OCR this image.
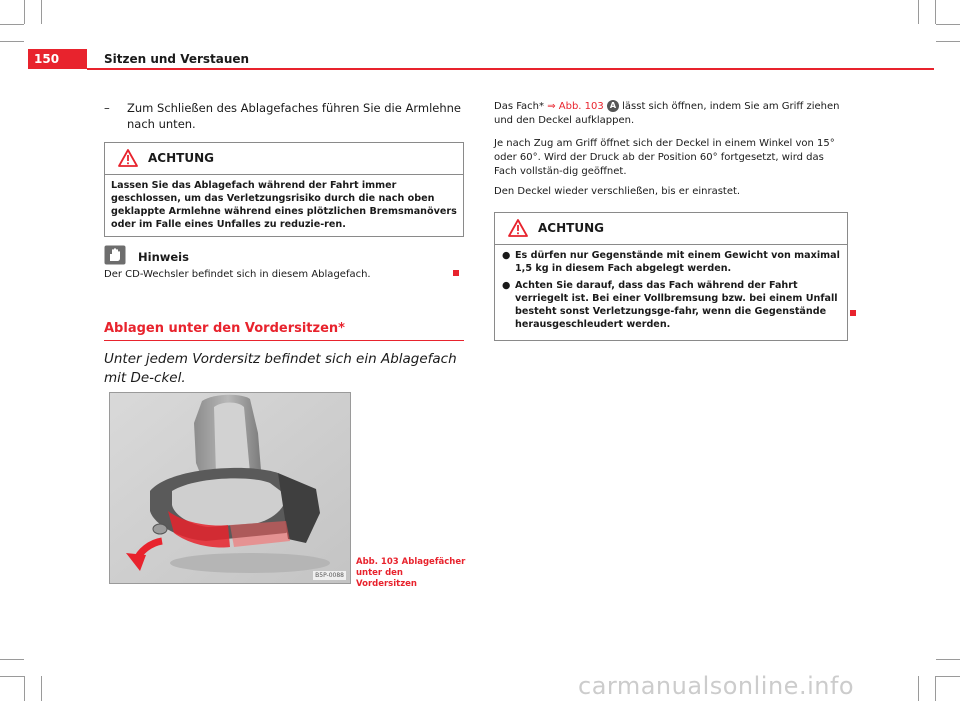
150	Sitzen und Verstauen
– Zum Schließen des Ablagefaches führen Sie die Armlehne nach unten.
ACHTUNG
Lassen Sie das Ablagefach während der Fahrt immer geschlossen, um das Verletzungsrisiko durch die nach oben geklappte Armlehne während eines plötzlichen Bremsmanövers oder im Falle eines Unfalles zu reduzie-ren.
Hinweis
Der CD-Wechsler befindet sich in diesem Ablagefach.
Ablagen unter den Vordersitzen*
Unter jedem Vordersitz befindet sich ein Ablagefach mit De-ckel.
B5P-0088
Abb. 103 Ablagefächer unter den Vordersitzen
Das Fach* ⇒ Abb. 103 A lässt sich öffnen, indem Sie am Griff ziehen und den Deckel aufklappen.
Je nach Zug am Griff öffnet sich der Deckel in einem Winkel von 15° oder 60°. Wird der Druck ab der Position 60° fortgesetzt, wird das Fach vollstän-dig geöffnet.
Den Deckel wieder verschließen, bis er einrastet.
ACHTUNG
● Es dürfen nur Gegenstände mit einem Gewicht von maximal 1,5 kg in diesem Fach abgelegt werden.
● Achten Sie darauf, dass das Fach während der Fahrt verriegelt ist. Bei einer Vollbremsung bzw. bei einem Unfall besteht sonst Verletzungsge-fahr, wenn die Gegenstände herausgeschleudert werden.
carmanualsonline.info
